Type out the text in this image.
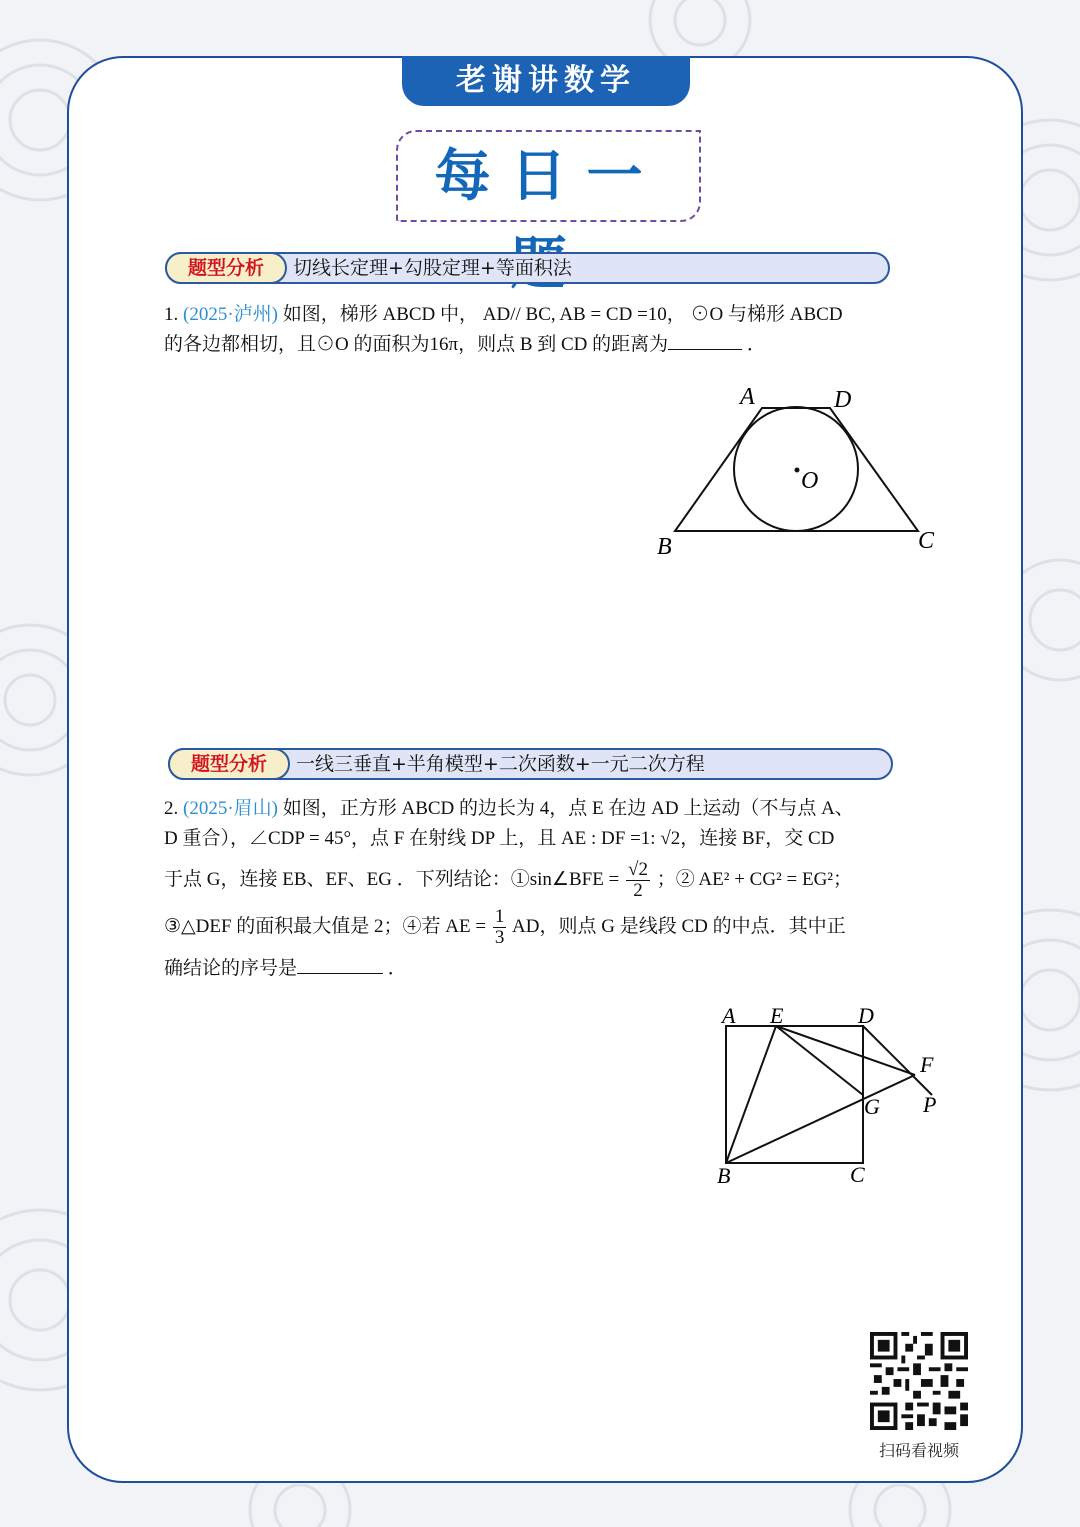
老谢讲数学
每日一
题型分析	切线长定理+勾股定理+等面积法
1. (2025·泸州) 如图，梯形 ABCD 中， AD// BC, AB = CD =10， ⊙O 与梯形 ABCD
的各边都相切，且⊙O 的面积为16π，则点 B 到 CD 的距离为	．
A	D
O
B	C
题型分析	一线三垂直+半角模型+二次函数+一元二次方程
2. (2025·眉山) 如图，正方形 ABCD 的边长为 4，点 E 在边 AD 上运动（不与点 A、
D 重合），∠CDP = 45°，点 F 在射线 DP 上，且 AE : DF =1: √2，连接 BF，交 CD
于点 G，连接 EB、EF、EG ．下列结论：①sin∠BFE = $\frac{√2}{2}$ ；② AE² + CG² = EG²；
③△DEF 的面积最大值是 2；④若 AE = $\frac{1}{3}$ AD，则点 G 是线段 CD 的中点．其中正
确结论的序号是	．
A E	D
F
G P
B	C
扫码看视频
